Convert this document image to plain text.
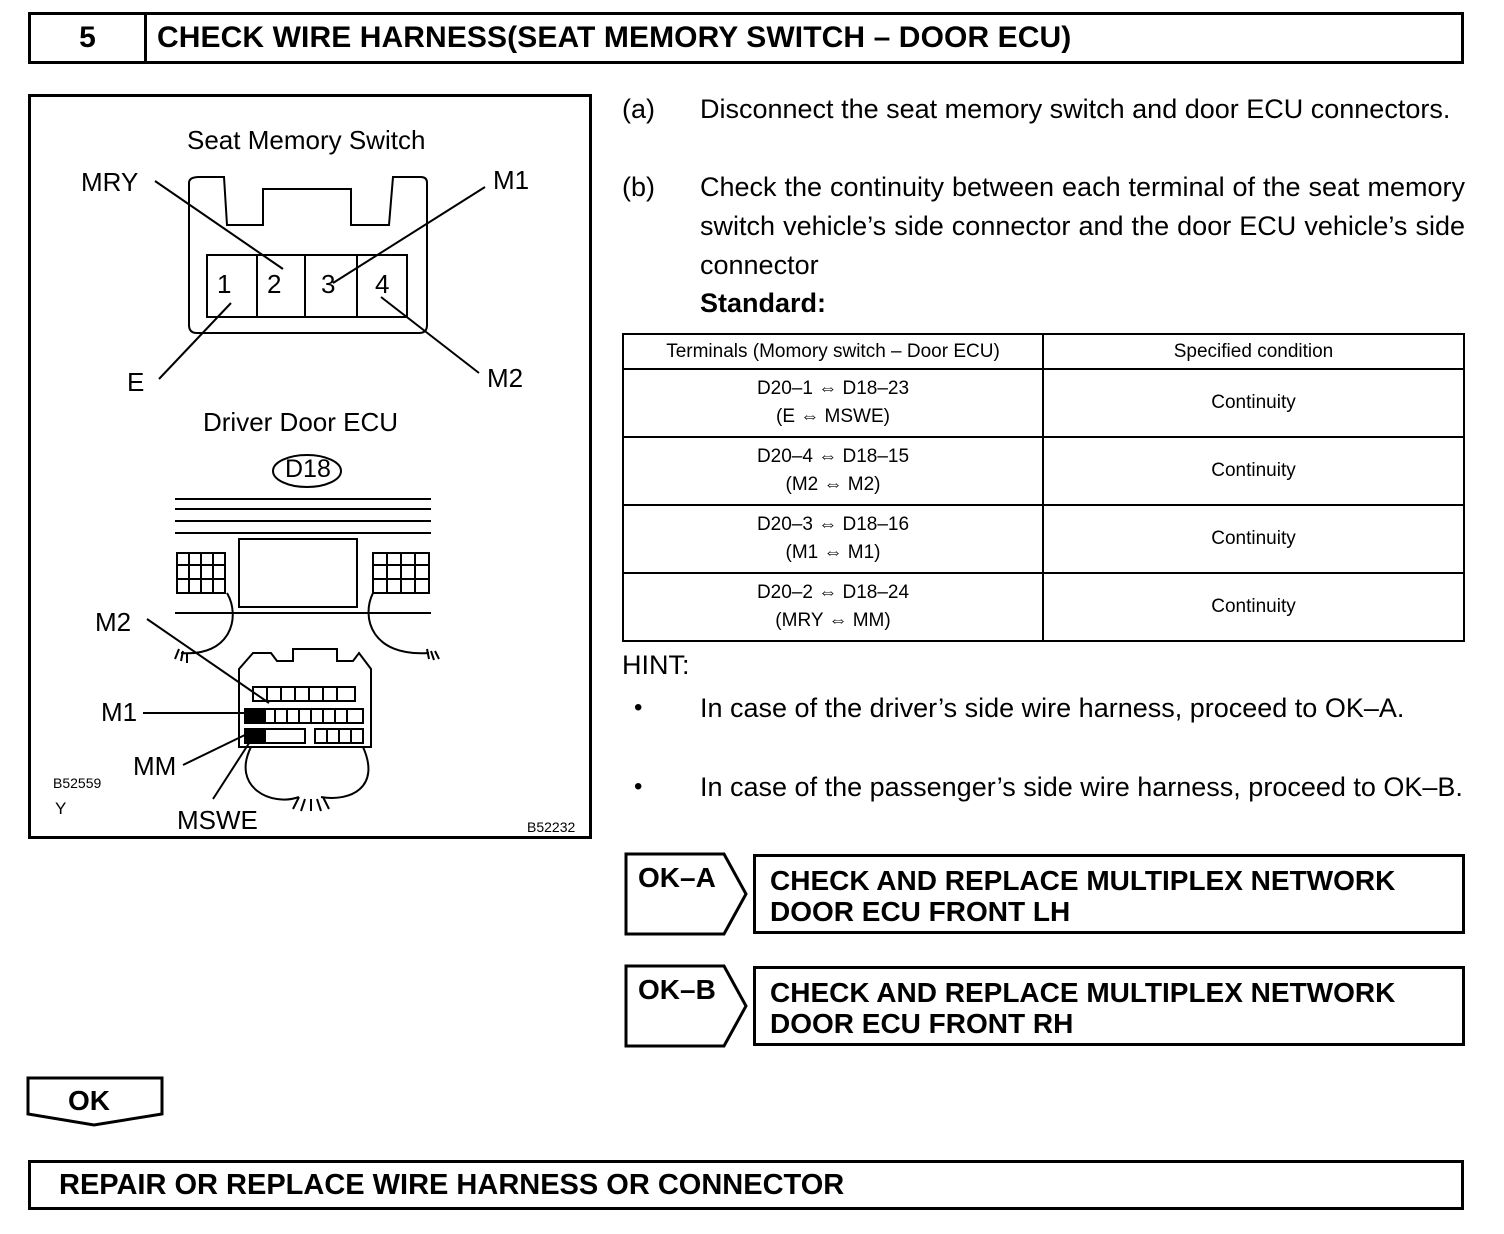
5	CHECK WIRE HARNESS(SEAT MEMORY SWITCH – DOOR ECU)
Seat Memory Switch
1 2 3 4
MRY	M1
E	M2
Driver Door ECU
D18
M2
M1
MM
MSWE
B52559
Y
B52232
(a) Disconnect the seat memory switch and door ECU connectors.
(b) Check the continuity between each terminal of the seat memory switch vehicle’s side connector and the door ECU vehicle’s side connector
Standard:
Terminals (Momory switch – Door ECU)	Specified condition
D20–1 ⇔ D18–23
(E ⇔ MSWE)	Continuity
D20–4 ⇔ D18–15
(M2 ⇔ M2)	Continuity
D20–3 ⇔ D18–16
(M1 ⇔ M1)	Continuity
D20–2 ⇔ D18–24
(MRY ⇔ MM)	Continuity
HINT:
• In case of the driver’s side wire harness, proceed to OK–A.
• In case of the passenger’s side wire harness, proceed to OK–B.
OK–A CHECK AND REPLACE MULTIPLEX NETWORK
DOOR ECU FRONT LH
OK–B CHECK AND REPLACE MULTIPLEX NETWORK
DOOR ECU FRONT RH
OK
REPAIR OR REPLACE WIRE HARNESS OR CONNECTOR
